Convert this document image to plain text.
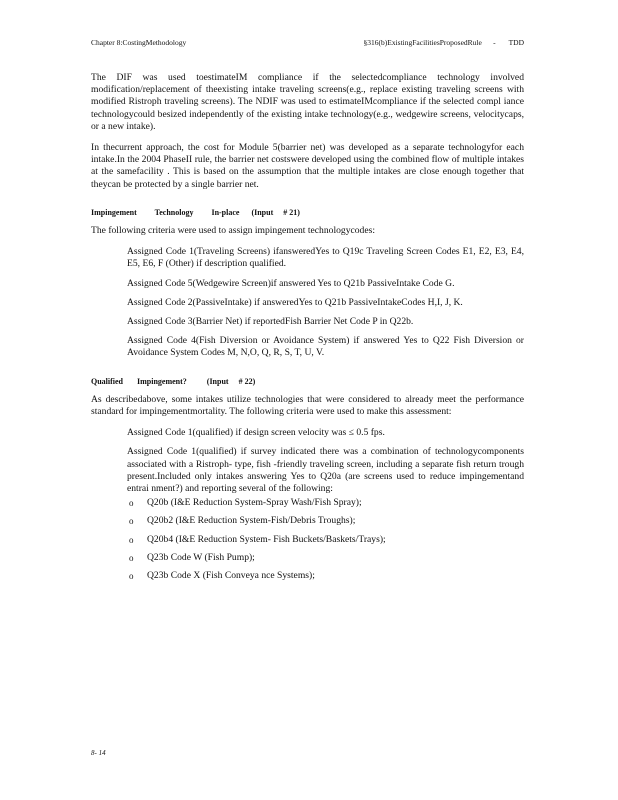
Chapter 8:CostingMethodology	§316(b)ExistingFacilitiesProposedRule      -       TDD

The DIF was used toestimateIM compliance if the selectedcompliance technology involved modification/replacement of theexisting intake traveling screens(e.g., replace existing traveling screens with modified Ristroph traveling screens). The NDIF was used to estimateIMcompliance if the selected compl iance technologycould besized independently of the existing intake technology(e.g., wedgewire screens, velocitycaps, or a new intake).

In thecurrent approach, the cost for Module 5(barrier net) was developed as a separate technologyfor each intake.In the 2004 PhaseII rule, the barrier net costswere developed using the combined flow of multiple intakes at the samefacility . This is based on the assumption that the multiple intakes are close enough together that theycan be protected by a single barrier net.

Impingement         Technology         In-place      (Input     # 21)

The following criteria were used to assign impingement technologycodes:

Assigned Code 1(Traveling Screens) ifansweredYes to Q19c Traveling Screen Codes E1, E2, E3, E4, E5, E6, F (Other) if description qualified.
Assigned Code 5(Wedgewire Screen)if answered Yes to Q21b PassiveIntake Code G.
Assigned Code 2(PassiveIntake) if answeredYes to Q21b PassiveIntakeCodes H,I, J, K.
Assigned Code 3(Barrier Net) if reportedFish Barrier Net Code P in Q22b.
Assigned Code 4(Fish Diversion or Avoidance System) if answered Yes to Q22 Fish Diversion or Avoidance System Codes M, N,O, Q, R, S, T, U, V.
Qualified       Impingement?          (Input     # 22)

As describedabove, some intakes utilize technologies that were considered to already meet the performance standard for impingementmortality. The following criteria were used to make this assessment:

Assigned Code 1(qualified) if design screen velocity was ≤ 0.5 fps.
Assigned Code 1(qualified) if survey indicated there was a combination of technologycomponents associated with a Ristroph- type, fish -friendly traveling screen, including a separate fish return trough present.Included only intakes answering Yes to Q20a (are screens used to reduce impingementand entrai nment?) and reporting several of the following:
o Q20b (I&E Reduction System-Spray Wash/Fish Spray);
o Q20b2 (I&E Reduction System-Fish/Debris Troughs);
o Q20b4 (I&E Reduction System- Fish Buckets/Baskets/Trays);
o Q23b Code W (Fish Pump);
o Q23b Code X (Fish Conveya nce Systems);
8- 14
